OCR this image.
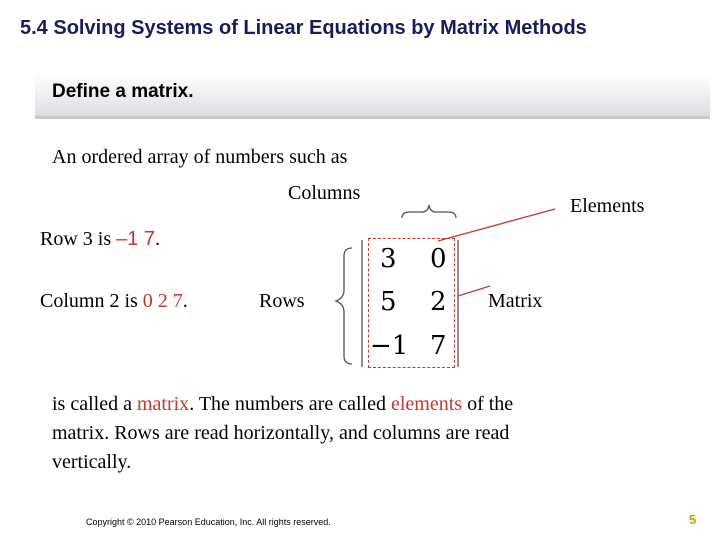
5.4 Solving Systems of Linear Equations by Matrix Methods
Define a matrix.
An ordered array of numbers such as
Columns
Elements
Row 3 is –1 7.
Column 2 is 0 2 7.	Rows	Matrix
3 0
5 2
−1 7
is called a matrix. The numbers are called elements of the
matrix. Rows are read horizontally, and columns are read
vertically.
Copyright © 2010 Pearson Education, Inc. All rights reserved.	5
